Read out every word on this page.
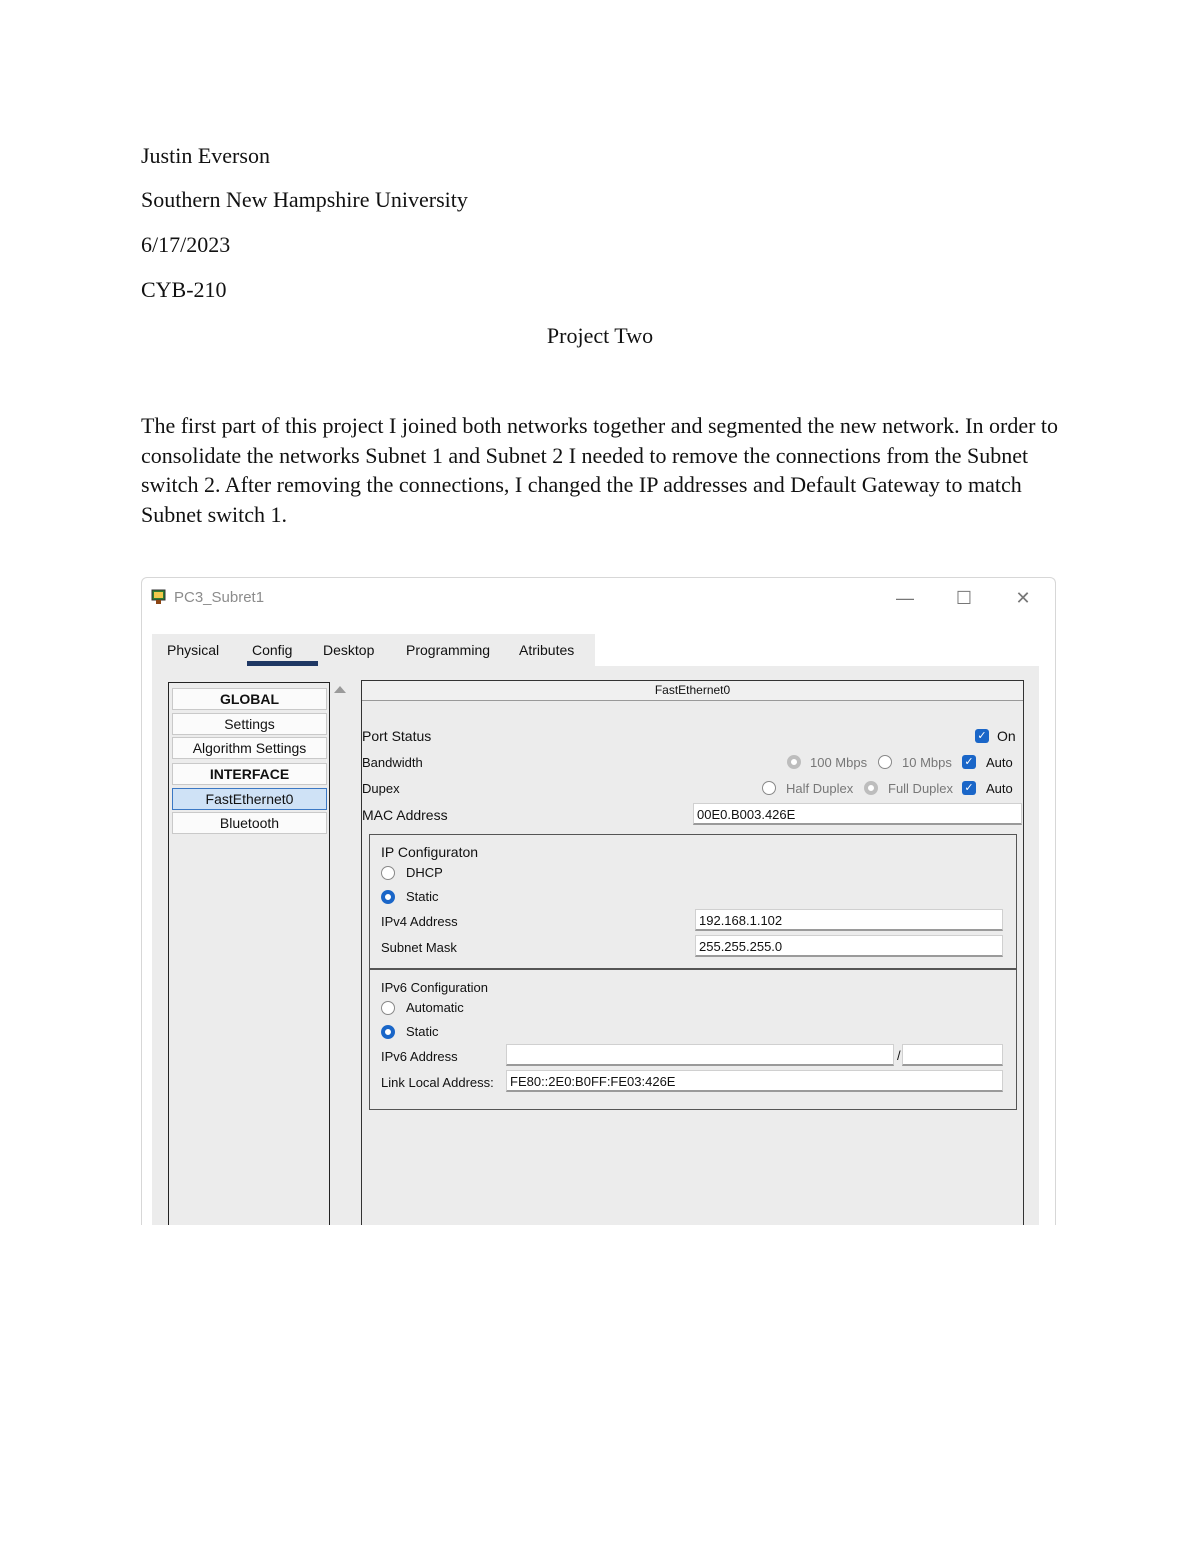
Justin Everson
Southern New Hampshire University
6/17/2023
CYB-210
Project Two

The first part of this project I joined both networks together and segmented the new network. In order to consolidate the networks Subnet 1 and Subnet 2 I needed to remove the connections from the Subnet switch 2. After removing the connections, I changed the IP addresses and Default Gateway to match Subnet switch 1.

PC3_Subret1	—	☐	✕
Physical Config Desktop Programming Atributes
GLOBAL
Settings
Algorithm Settings
INTERFACE
FastEthernet0
Bluetooth
FastEthernet0
Port Status	✓ On
Bandwidth	100 Mbps	10 Mbps ✓ Auto
Dupex	Half Duplex	Full Duplex ✓ Auto
MAC Address	00E0.B003.426E
IP Configuraton
DHCP
Static
IPv4 Address	192.168.1.102
Subnet Mask	255.255.255.0
IPv6 Configuration
Automatic
Static
IPv6 Address	/
Link Local Address:	FE80::2E0:B0FF:FE03:426E
